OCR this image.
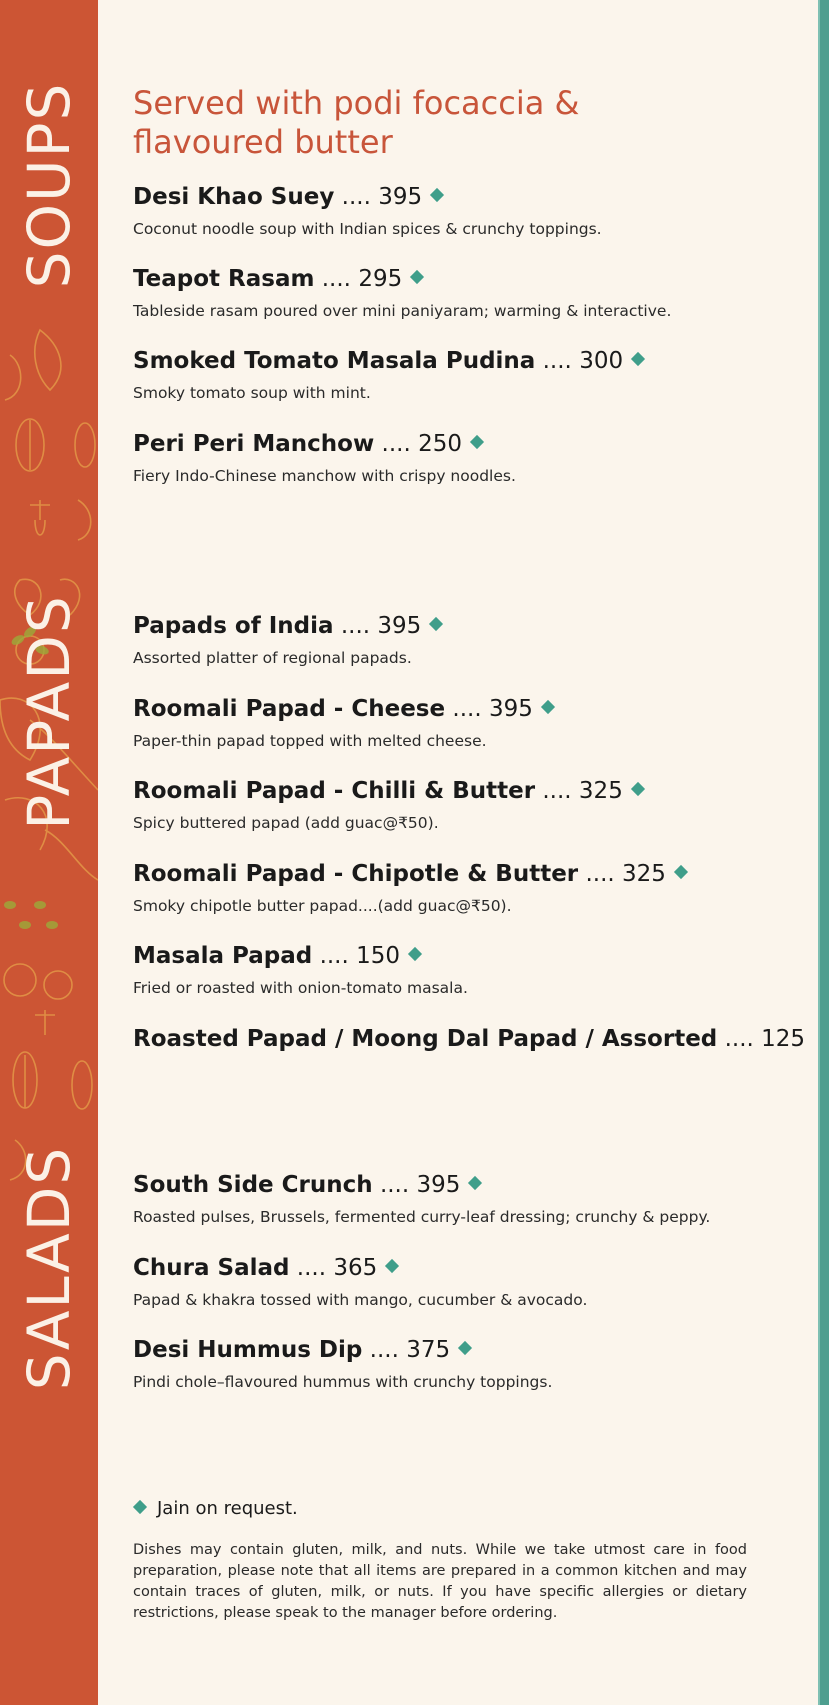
SOUPS
PAPADS
SALADS
Served with podi focaccia & flavoured butter
Desi Khao Suey .... 395
Coconut noodle soup with Indian spices & crunchy toppings.
Teapot Rasam .... 295
Tableside rasam poured over mini paniyaram; warming & interactive.
Smoked Tomato Masala Pudina .... 300
Smoky tomato soup with mint.
Peri Peri Manchow .... 250
Fiery Indo-Chinese manchow with crispy noodles.
Papads of India .... 395
Assorted platter of regional papads.
Roomali Papad - Cheese .... 395
Paper-thin papad topped with melted cheese.
Roomali Papad - Chilli & Butter .... 325
Spicy buttered papad (add guac@₹50).
Roomali Papad - Chipotle & Butter .... 325
Smoky chipotle butter papad....(add guac@₹50).
Masala Papad .... 150
Fried or roasted with onion-tomato masala.
Roasted Papad / Moong Dal Papad / Assorted .... 125
South Side Crunch .... 395
Roasted pulses, Brussels, fermented curry-leaf dressing; crunchy & peppy.
Chura Salad .... 365
Papad & khakra tossed with mango, cucumber & avocado.
Desi Hummus Dip .... 375
Pindi chole–flavoured hummus with crunchy toppings.
Jain on request.
Dishes may contain gluten, milk, and nuts. While we take utmost care in food preparation, please note that all items are prepared in a common kitchen and may contain traces of gluten, milk, or nuts. If you have specific allergies or dietary restrictions, please speak to the manager before ordering.
